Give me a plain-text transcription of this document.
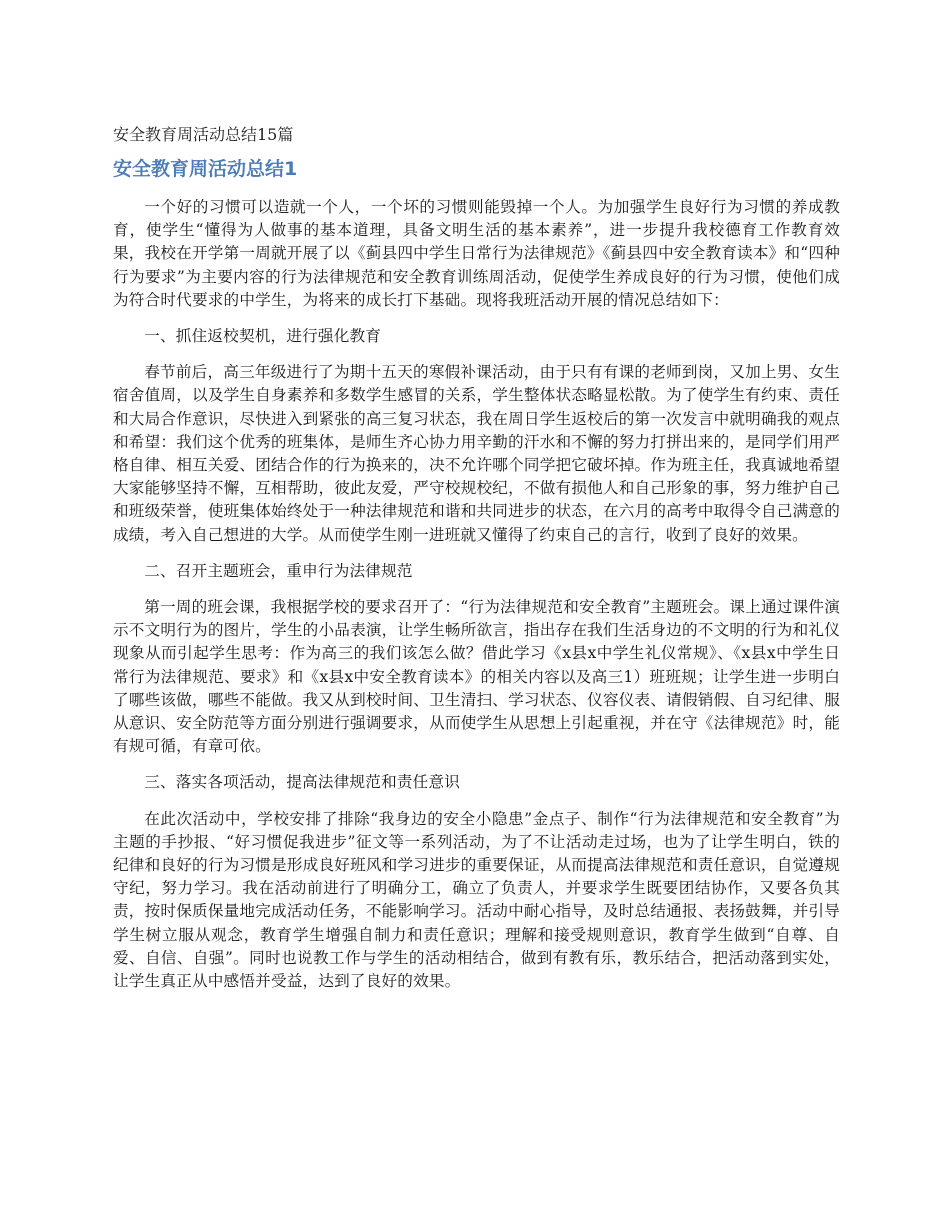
安全教育周活动总结15篇
安全教育周活动总结1
一个好的习惯可以造就一个人，一个坏的习惯则能毁掉一个人。为加强学生良好行为习惯的养成教育，使学生“懂得为人做事的基本道理，具备文明生活的基本素养”，进一步提升我校德育工作教育效果，我校在开学第一周就开展了以《蓟县四中学生日常行为法律规范》《蓟县四中安全教育读本》和“四种行为要求”为主要内容的行为法律规范和安全教育训练周活动，促使学生养成良好的行为习惯，使他们成为符合时代要求的中学生，为将来的成长打下基础。现将我班活动开展的情况总结如下：
一、抓住返校契机，进行强化教育
春节前后，高三年级进行了为期十五天的寒假补课活动，由于只有有课的老师到岗，又加上男、女生宿舍值周，以及学生自身素养和多数学生感冒的关系，学生整体状态略显松散。为了使学生有约束、责任和大局合作意识，尽快进入到紧张的高三复习状态，我在周日学生返校后的第一次发言中就明确我的观点和希望：我们这个优秀的班集体，是师生齐心协力用辛勤的汗水和不懈的努力打拼出来的，是同学们用严格自律、相互关爱、团结合作的行为换来的，决不允许哪个同学把它破坏掉。作为班主任，我真诚地希望大家能够坚持不懈，互相帮助，彼此友爱，严守校规校纪，不做有损他人和自己形象的事，努力维护自己和班级荣誉，使班集体始终处于一种法律规范和谐和共同进步的状态，在六月的高考中取得令自己满意的成绩，考入自己想进的大学。从而使学生刚一进班就又懂得了约束自己的言行，收到了良好的效果。
二、召开主题班会，重申行为法律规范
第一周的班会课，我根据学校的要求召开了：“行为法律规范和安全教育”主题班会。课上通过课件演示不文明行为的图片，学生的小品表演，让学生畅所欲言，指出存在我们生活身边的不文明的行为和礼仪现象从而引起学生思考：作为高三的我们该怎么做？借此学习《x县x中学生礼仪常规》、《x县x中学生日常行为法律规范、要求》和《x县x中安全教育读本》的相关内容以及高三1）班班规；让学生进一步明白了哪些该做，哪些不能做。我又从到校时间、卫生清扫、学习状态、仪容仪表、请假销假、自习纪律、服从意识、安全防范等方面分别进行强调要求，从而使学生从思想上引起重视，并在守《法律规范》时，能有规可循，有章可依。
三、落实各项活动，提高法律规范和责任意识
在此次活动中，学校安排了排除“我身边的安全小隐患”金点子、制作“行为法律规范和安全教育”为主题的手抄报、“好习惯促我进步”征文等一系列活动，为了不让活动走过场，也为了让学生明白，铁的纪律和良好的行为习惯是形成良好班风和学习进步的重要保证，从而提高法律规范和责任意识，自觉遵规守纪，努力学习。我在活动前进行了明确分工，确立了负责人，并要求学生既要团结协作，又要各负其责，按时保质保量地完成活动任务，不能影响学习。活动中耐心指导，及时总结通报、表扬鼓舞，并引导学生树立服从观念，教育学生增强自制力和责任意识；理解和接受规则意识，教育学生做到“自尊、自爱、自信、自强”。同时也说教工作与学生的活动相结合，做到有教有乐，教乐结合，把活动落到实处，让学生真正从中感悟并受益，达到了良好的效果。
